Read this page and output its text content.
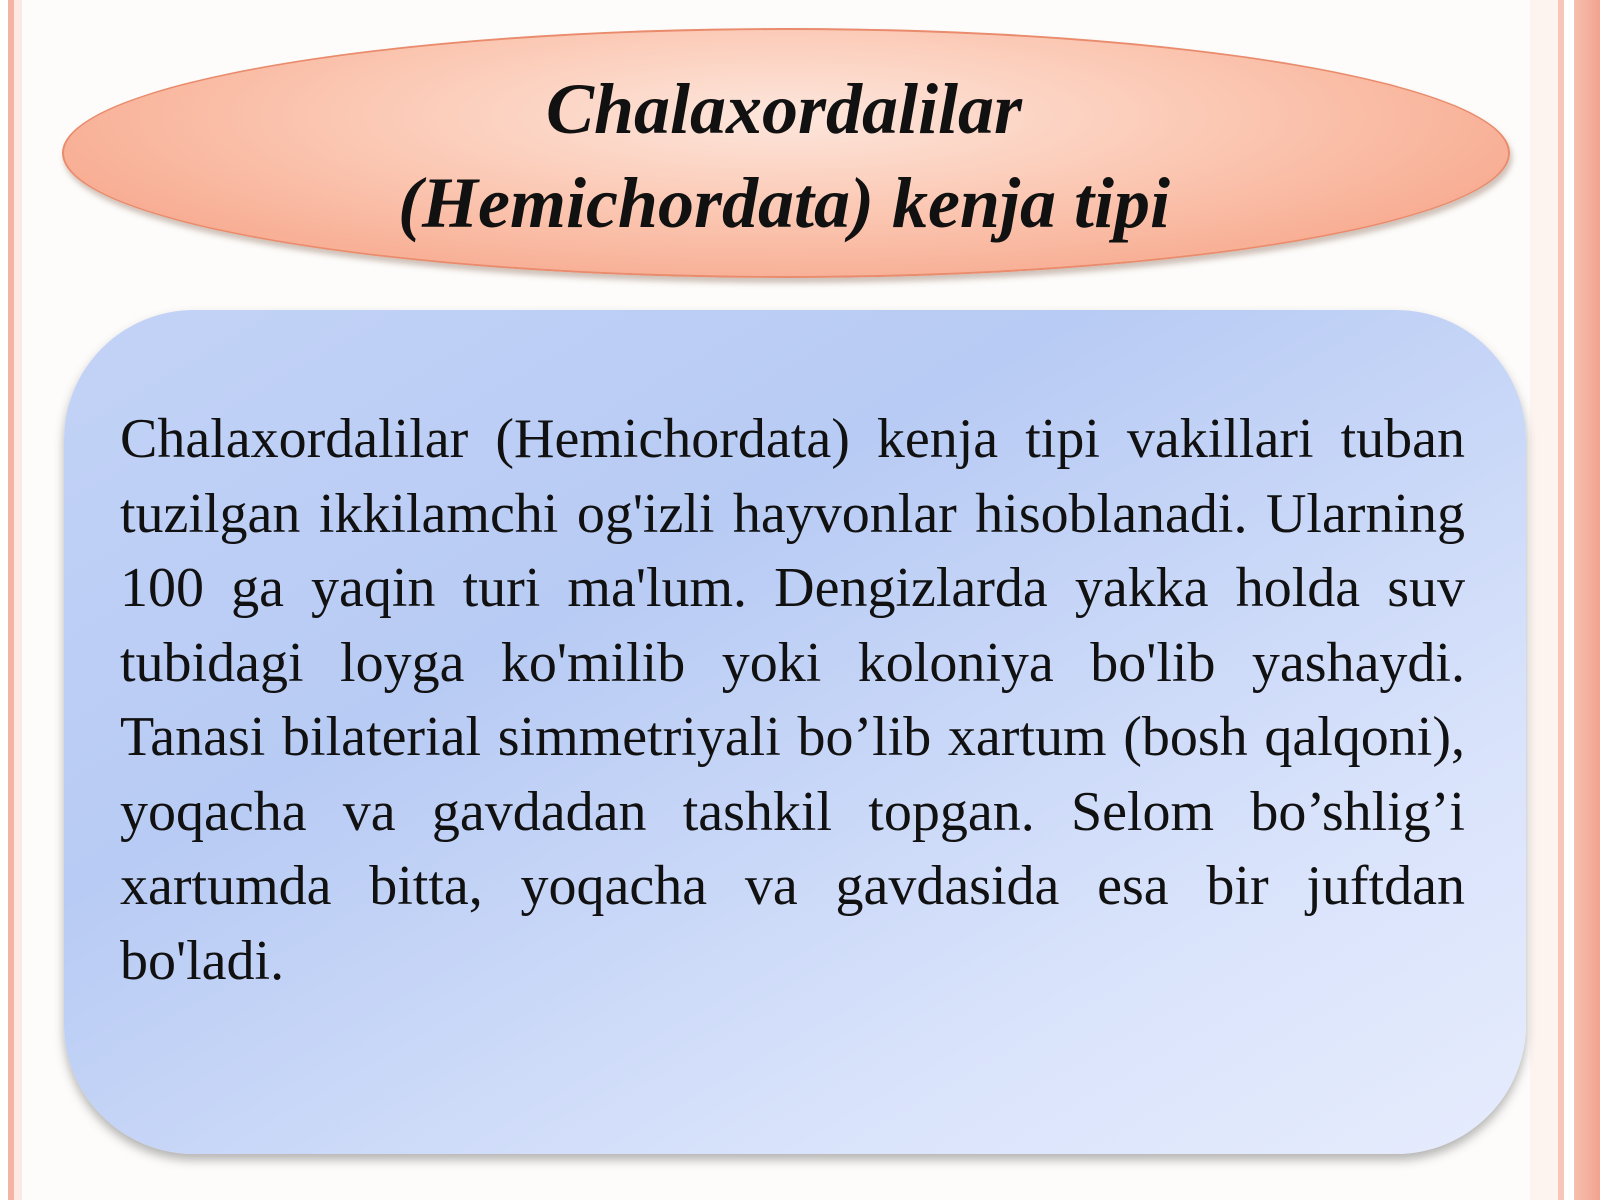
Chalaxordalilar
(Hemichordata) kenja tipi
Chalaxordalilar (Hemichordata) kenja tipi vakillari tuban tuzilgan ikkilamchi og'izli hayvonlar hisoblanadi. Ularning 100 ga yaqin turi ma'lum. Dengizlarda yakka holda suv tubidagi loyga ko'milib yoki koloniya bo'lib yashaydi. Tanasi bilaterial simmetriyali bo’lib xartum (bosh qalqoni), yoqacha va gavdadan tashkil topgan. Selom bo’shlig’i xartumda bitta, yoqacha va gavdasida esa bir juftdan bo'ladi.
